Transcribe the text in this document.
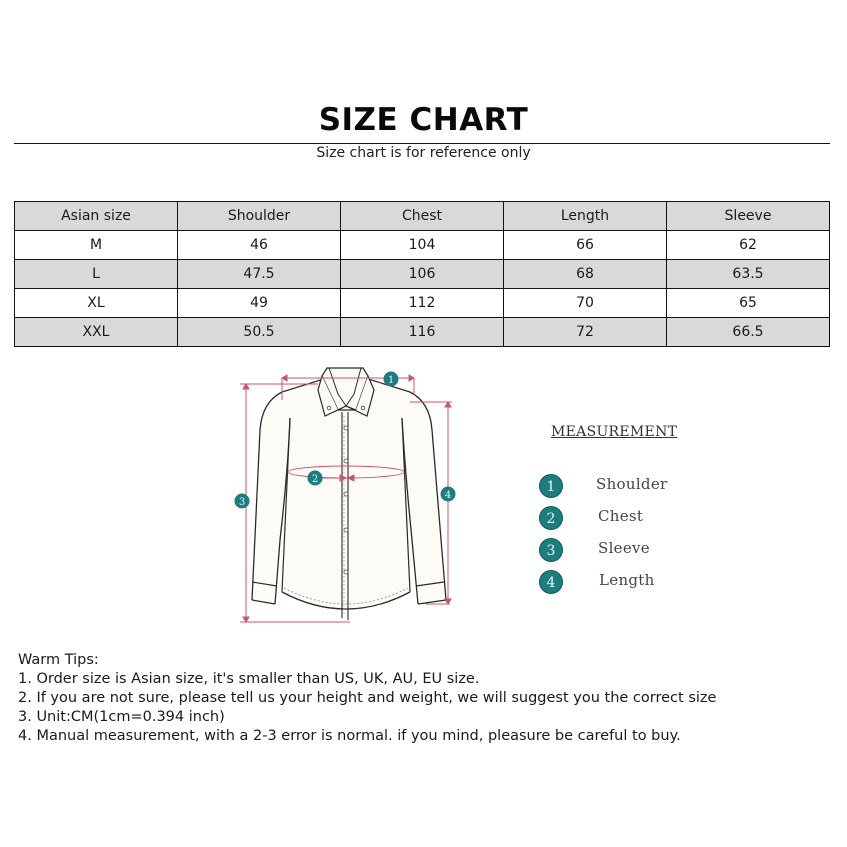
SIZE CHART
Size chart is for reference only
Asian size	Shoulder	Chest	Length	Sleeve
M	46	104	66	62
L	47.5	106	68	63.5
XL	49	112	70	65
XXL	50.5	116	72	66.5
1
2
3
4
MEASUREMENT
1	Shoulder
2	Chest
3	Sleeve
4	Length
Warm Tips:
1. Order size is Asian size, it's smaller than US, UK, AU, EU size.
2. If you are not sure, please tell us your height and weight, we will suggest you the correct size
3. Unit:CM(1cm=0.394 inch)
4. Manual measurement, with a 2-3 error is normal. if you mind, pleasure be careful to buy.
